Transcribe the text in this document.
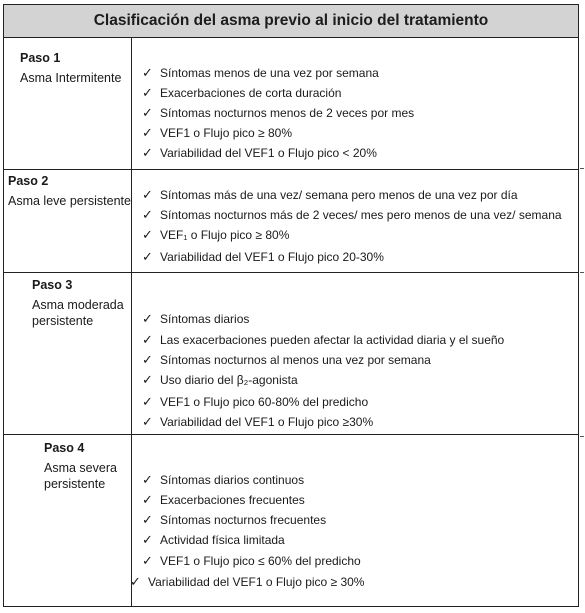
Clasificación del asma previo al inicio del tratamiento
Paso 1
Asma Intermitente	✓ Síntomas menos de una vez por semana
✓ Exacerbaciones de corta duración
✓ Síntomas nocturnos menos de 2 veces por mes
✓ VEF1 o Flujo pico ≥ 80%
✓ Variabilidad del VEF1 o Flujo pico < 20%
Paso 2
Asma leve persistente ✓ Síntomas más de una vez/ semana pero menos de una vez por día
✓ Síntomas nocturnos más de 2 veces/ mes pero menos de una vez/ semana
✓ VEF₁ o Flujo pico ≥ 80%
✓ Variabilidad del VEF1 o Flujo pico 20-30%
Paso 3
Asma moderada persistente	✓ Síntomas diarios
✓ Las exacerbaciones pueden afectar la actividad diaria y el sueño
✓ Síntomas nocturnos al menos una vez por semana
✓ Uso diario del β₂-agonista
✓ VEF1 o Flujo pico 60-80% del predicho
✓ Variabilidad del VEF1 o Flujo pico ≥30%
Paso 4
Asma severa persistente	✓ Síntomas diarios continuos
✓ Exacerbaciones frecuentes
✓ Síntomas nocturnos frecuentes
✓ Actividad física limitada
✓ VEF1 o Flujo pico ≤ 60% del predicho
✓ Variabilidad del VEF1 o Flujo pico ≥ 30%
